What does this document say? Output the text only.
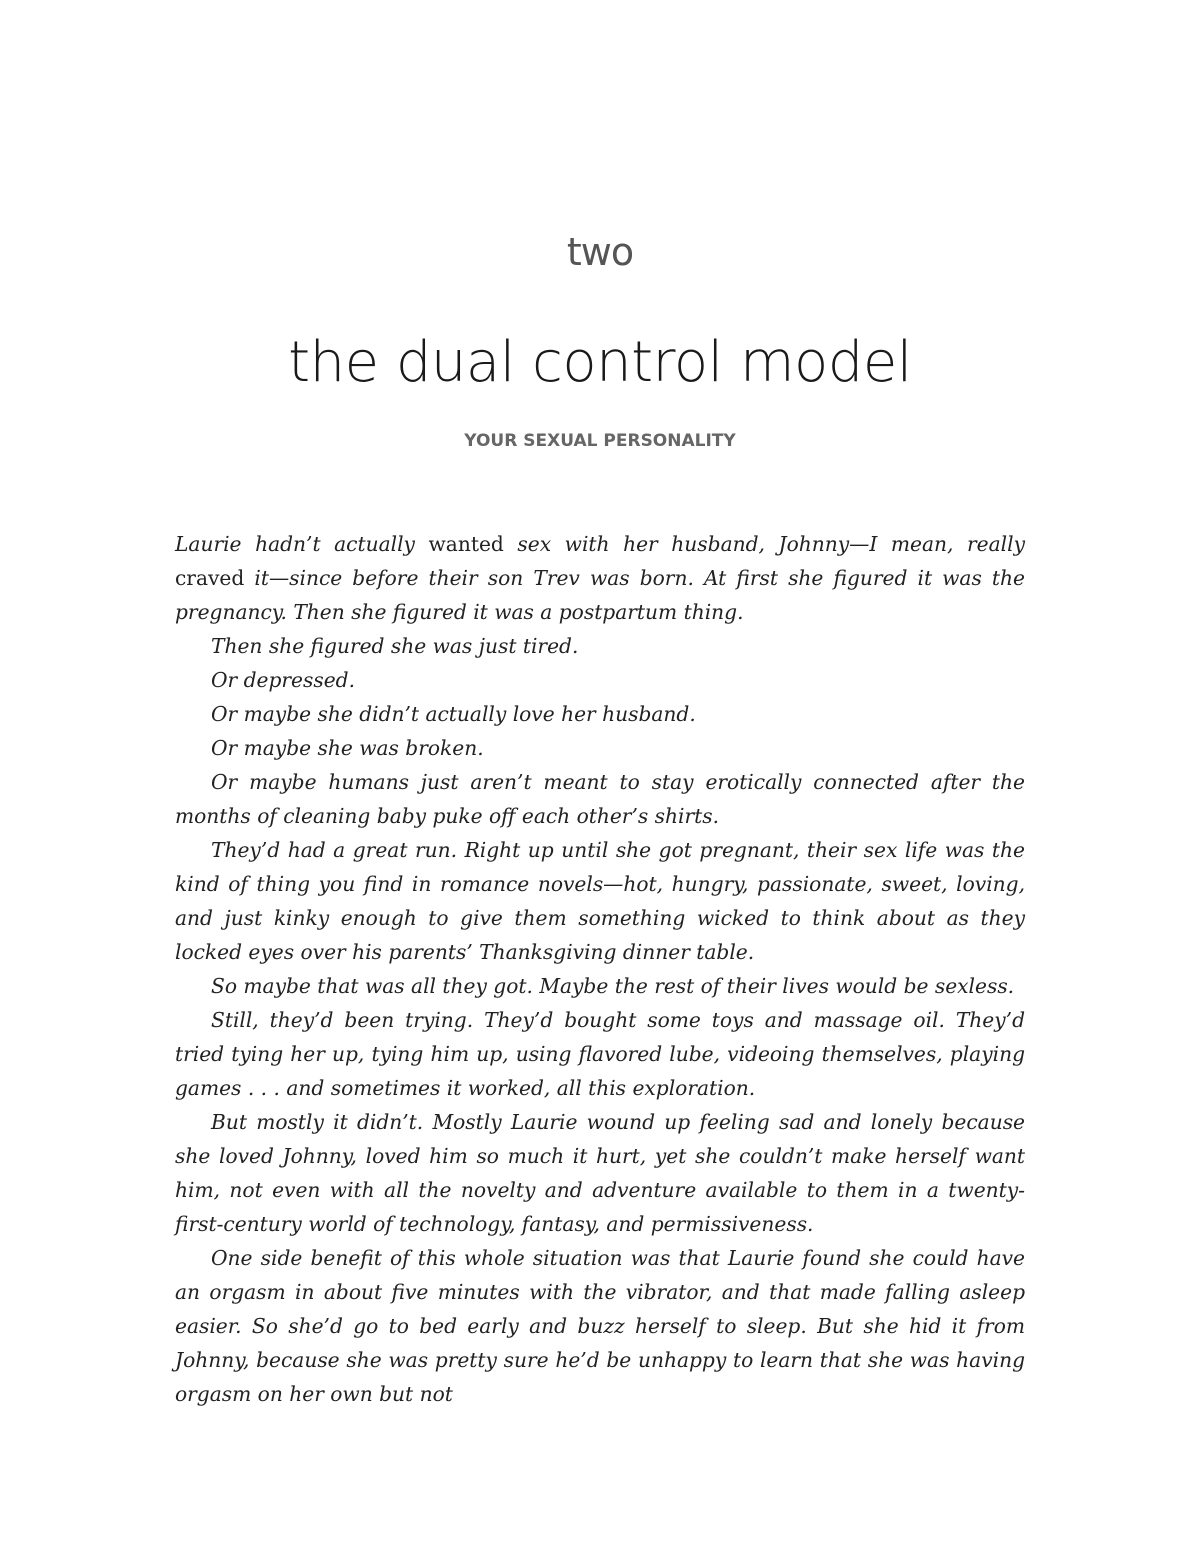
two
the dual control model
YOUR SEXUAL PERSONALITY

Laurie hadn’t actually wanted sex with her husband, Johnny—I mean, really craved it—since before their son Trev was born. At first she figured it was the pregnancy. Then she figured it was a postpartum thing.

Then she figured she was just tired.

Or depressed.

Or maybe she didn’t actually love her husband.

Or maybe she was broken.

Or maybe humans just aren’t meant to stay erotically connected after the months of cleaning baby puke off each other’s shirts.

They’d had a great run. Right up until she got pregnant, their sex life was the kind of thing you find in romance novels—hot, hungry, passionate, sweet, loving, and just kinky enough to give them something wicked to think about as they locked eyes over his parents’ Thanksgiving dinner table.

So maybe that was all they got. Maybe the rest of their lives would be sexless.

Still, they’d been trying. They’d bought some toys and massage oil. They’d tried tying her up, tying him up, using flavored lube, videoing themselves, playing games . . . and sometimes it worked, all this exploration.

But mostly it didn’t. Mostly Laurie wound up feeling sad and lonely because she loved Johnny, loved him so much it hurt, yet she couldn’t make herself want him, not even with all the novelty and adventure available to them in a twenty-first-century world of technology, fantasy, and permissiveness.

One side benefit of this whole situation was that Laurie found she could have an orgasm in about five minutes with the vibrator, and that made falling asleep easier. So she’d go to bed early and buzz herself to sleep. But she hid it from Johnny, because she was pretty sure he’d be unhappy to learn that she was having orgasm on her own but not
